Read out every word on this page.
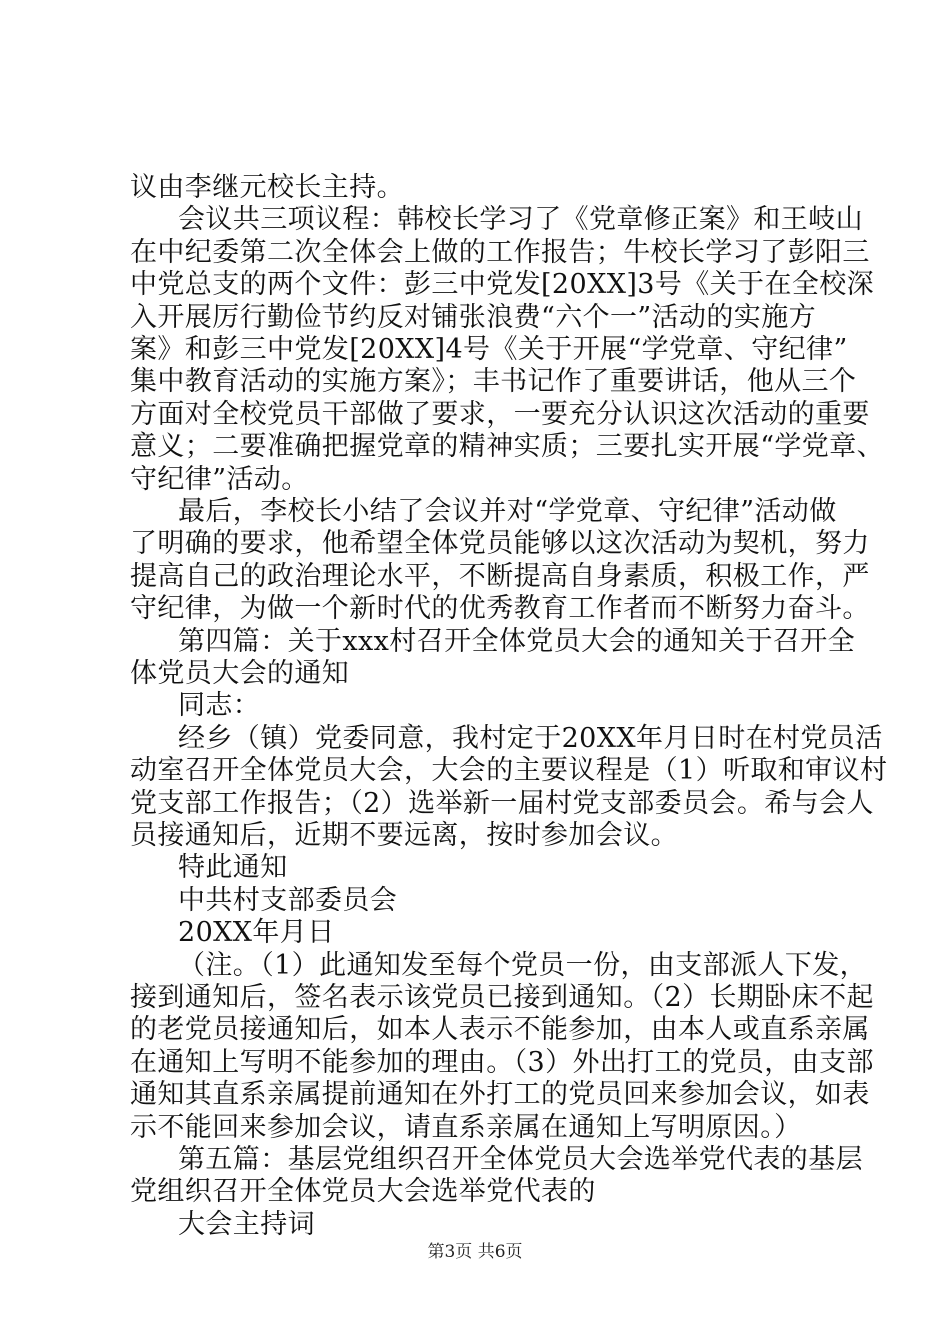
议由李继元校长主持。
会议共三项议程：韩校长学习了《党章修正案》和王岐山
在中纪委第二次全体会上做的工作报告；牛校长学习了彭阳三
中党总支的两个文件：彭三中党发[20XX]3号《关于在全校深
入开展厉行勤俭节约反对铺张浪费“六个一”活动的实施方
案》和彭三中党发[20XX]4号《关于开展“学党章、守纪律”
集中教育活动的实施方案》；丰书记作了重要讲话，他从三个
方面对全校党员干部做了要求，一要充分认识这次活动的重要
意义；二要准确把握党章的精神实质；三要扎实开展“学党章、
守纪律”活动。
最后，李校长小结了会议并对“学党章、守纪律”活动做
了明确的要求，他希望全体党员能够以这次活动为契机，努力
提高自己的政治理论水平，不断提高自身素质，积极工作，严
守纪律，为做一个新时代的优秀教育工作者而不断努力奋斗。
第四篇：关于xxx村召开全体党员大会的通知关于召开全
体党员大会的通知
同志：
经乡（镇）党委同意，我村定于20XX年月日时在村党员活
动室召开全体党员大会，大会的主要议程是（1）听取和审议村
党支部工作报告；（2）选举新一届村党支部委员会。希与会人
员接通知后，近期不要远离，按时参加会议。
特此通知
中共村支部委员会
20XX年月日
（注。（1）此通知发至每个党员一份，由支部派人下发，
接到通知后，签名表示该党员已接到通知。（2）长期卧床不起
的老党员接通知后，如本人表示不能参加，由本人或直系亲属
在通知上写明不能参加的理由。（3）外出打工的党员，由支部
通知其直系亲属提前通知在外打工的党员回来参加会议，如表
示不能回来参加会议，请直系亲属在通知上写明原因。）
第五篇：基层党组织召开全体党员大会选举党代表的基层
党组织召开全体党员大会选举党代表的
大会主持词
第3页 共6页
